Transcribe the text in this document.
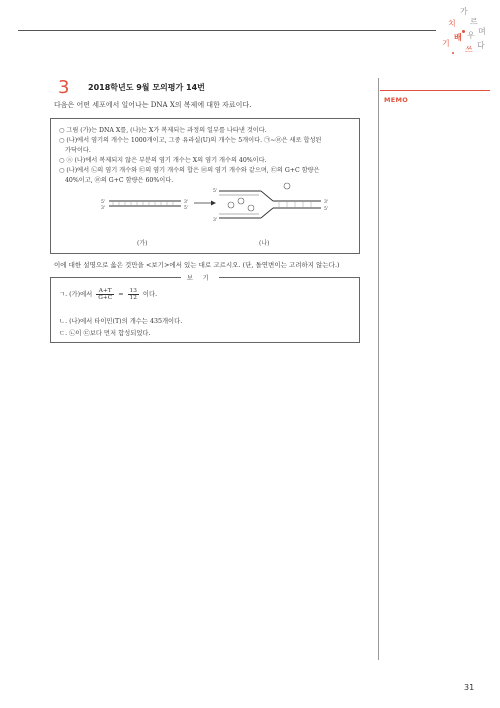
가
르
치
며
배 우
기
쓰 다
MEMO
3 2018학년도 9월 모의평가 14번
다음은 어떤 세포에서 일어나는 DNA X의 복제에 대한 자료이다.
○ 그림 (가)는 DNA X를, (나)는 X가 복제되는 과정의 일부를 나타낸 것이다.
○ (나)에서 염기의 개수는 1000개이고, 그중 유라실(U)의 개수는 5개이다. ㉠~㉣은 새로 합성된
가닥이다.
○ ⓐ (나)에서 복제되지 않은 부분의 염기 개수는 X의 염기 개수의 40%이다.
○ (나)에서 ㉡의 염기 개수와 ㉢의 염기 개수의 합은 ㉣의 염기 개수와 같으며, ㉢의 G+C 함량은
40%이고, ㉣의 G+C 함량은 60%이다.
5'
3'
3'
5'
5'
3'
3'
5'
(가)	(나)
이에 대한 설명으로 옳은 것만을 <보기>에서 있는 대로 고르시오. (단, 돌연변이는 고려하지 않는다.)
보 기
ㄱ. (가)에서 $\frac{A+T}{G+C} = \frac{13}{12}$ 이다.
ㄴ. (나)에서 타이민(T)의 개수는 435개이다.
ㄷ. ㉡이 ㉢보다 먼저 합성되었다.
31
